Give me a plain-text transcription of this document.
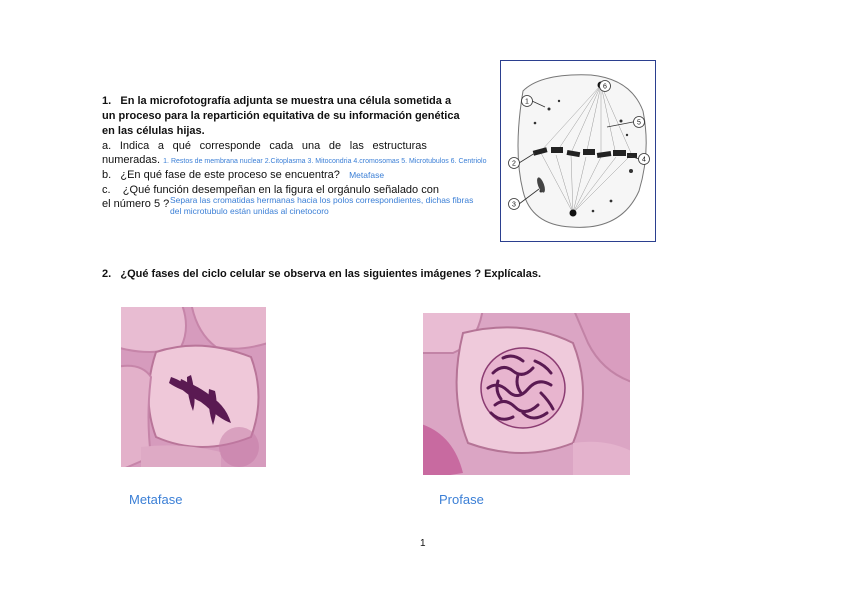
1. En la microfotografía adjunta se muestra una célula sometida a un proceso para la repartición equitativa de su información genética en las células hijas.
a. Indica a qué corresponde cada una de las estructuras
numeradas. 1. Restos de membrana nuclear 2.Citoplasma 3. Mitocondria 4.cromosomas 5. Microtubulos 6. Centriolo
b. ¿En qué fase de este proceso se encuentra? Metafase
c. ¿Qué función desempeñan en la figura el orgánulo señalado con
el número 5 ? Separa las cromatidas hermanas hacia los polos correspondientes, dichas fibras
del microtubulo están unidas al cinetocoro
1
2
3
4
5
6
2. ¿Qué fases del ciclo celular se observa en las siguientes imágenes ? Explícalas.
Metafase	Profase
1
